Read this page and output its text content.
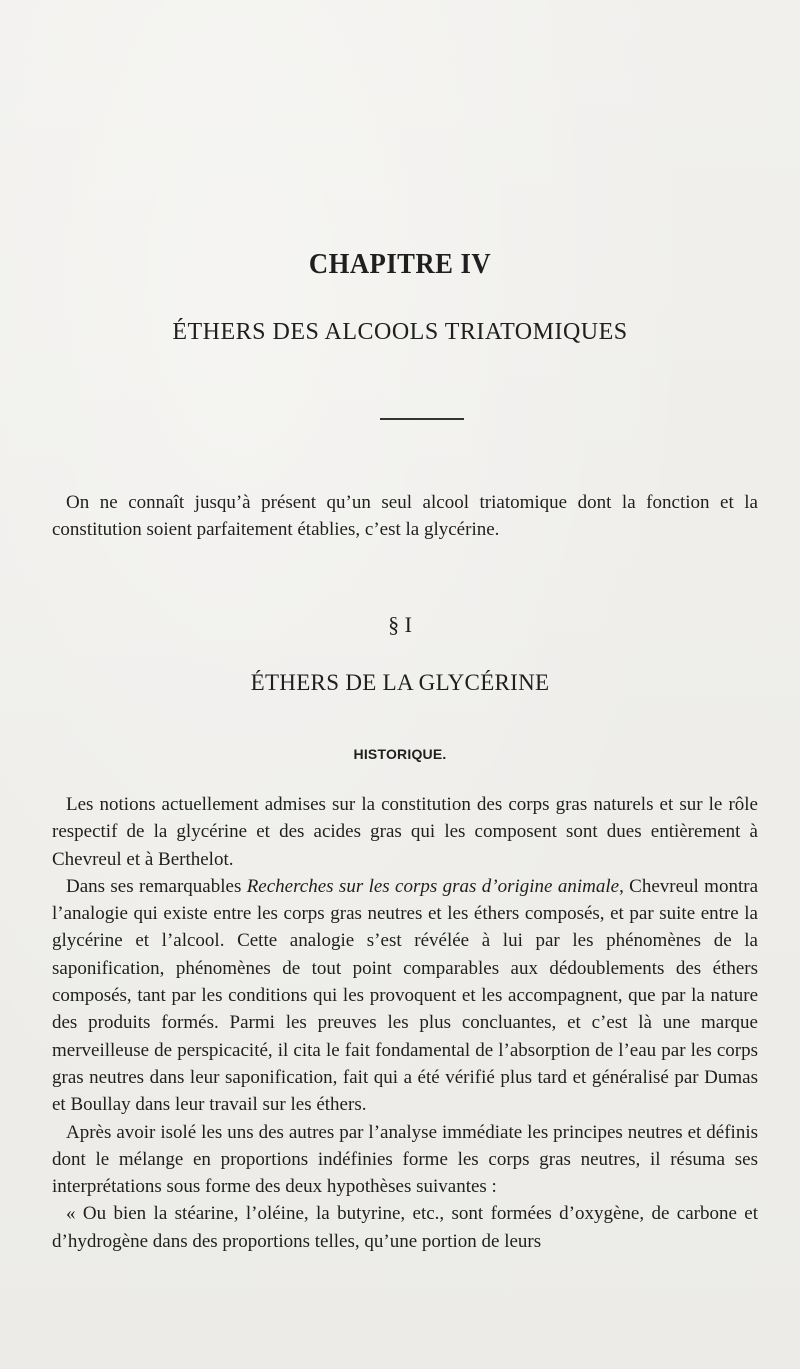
CHAPITRE IV
ÉTHERS DES ALCOOLS TRIATOMIQUES

On ne connaît jusqu’à présent qu’un seul alcool triatomique dont la fonction et la constitution soient parfaitement établies, c’est la glycérine.

§ I
ÉTHERS DE LA GLYCÉRINE
HISTORIQUE.

Les notions actuellement admises sur la constitution des corps gras naturels et sur le rôle respectif de la glycérine et des acides gras qui les composent sont dues entièrement à Chevreul et à Berthelot.

Dans ses remarquables Recherches sur les corps gras d’origine animale, Chevreul montra l’analogie qui existe entre les corps gras neutres et les éthers composés, et par suite entre la glycérine et l’alcool. Cette analogie s’est révélée à lui par les phénomènes de la saponification, phénomènes de tout point comparables aux dédoublements des éthers composés, tant par les conditions qui les provoquent et les accompagnent, que par la nature des produits formés. Parmi les preuves les plus concluantes, et c’est là une marque merveilleuse de perspicacité, il cita le fait fondamental de l’absorption de l’eau par les corps gras neutres dans leur saponification, fait qui a été vérifié plus tard et généralisé par Dumas et Boullay dans leur travail sur les éthers.

Après avoir isolé les uns des autres par l’analyse immédiate les principes neutres et définis dont le mélange en proportions indéfinies forme les corps gras neutres, il résuma ses interprétations sous forme des deux hypothèses suivantes :

« Ou bien la stéarine, l’oléine, la butyrine, etc., sont formées d’oxygène, de carbone et d’hydrogène dans des proportions telles, qu’une portion de leurs
